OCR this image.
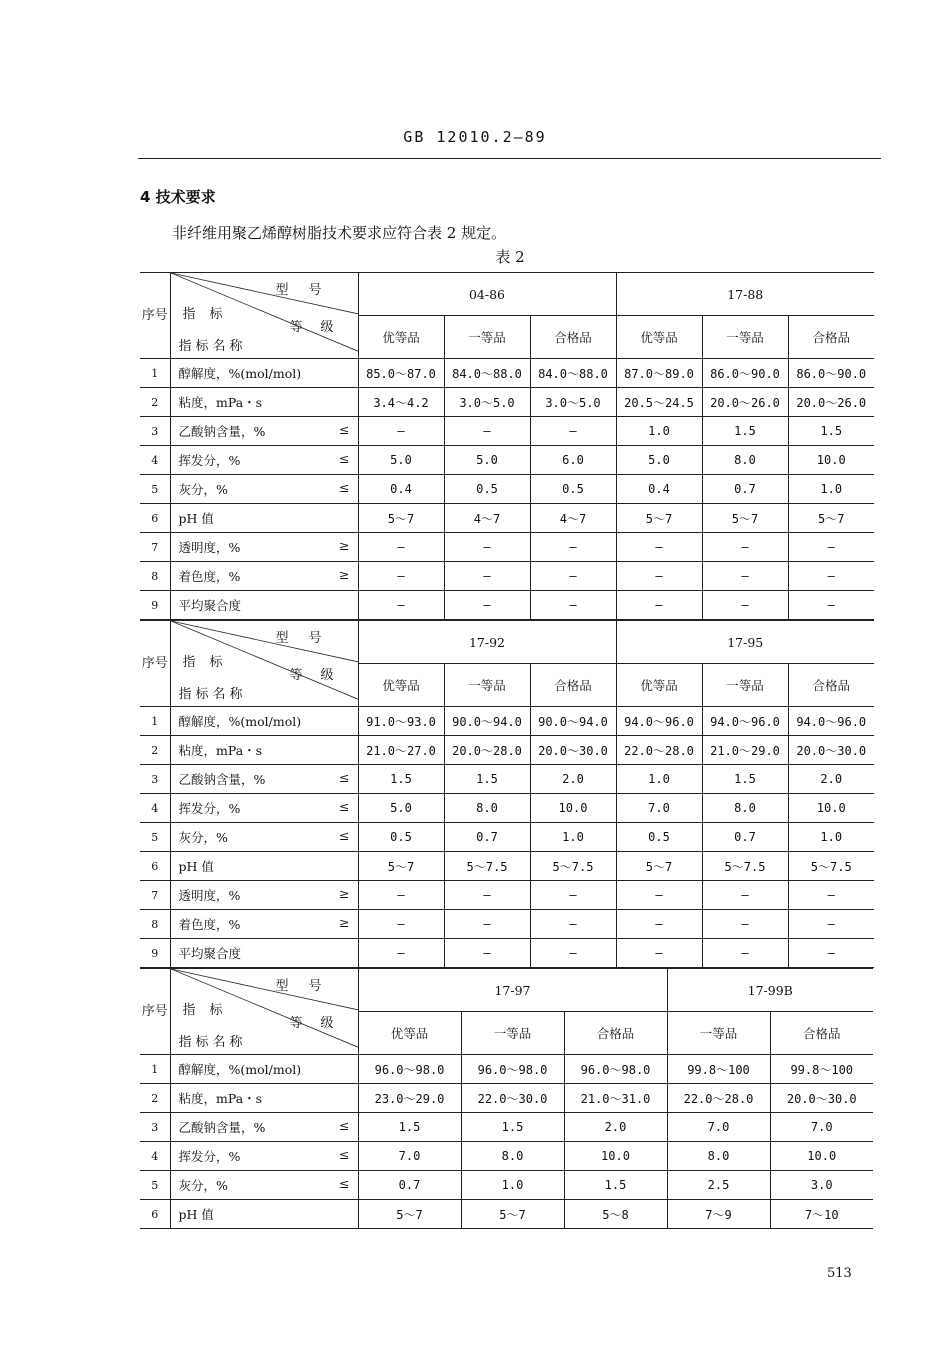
GB 12010.2—89
4 技术要求
非纤维用聚乙烯醇树脂技术要求应符合表 2 规定。
表 2
序号	型号
指标
等级
指标名称	04-86			17-88		
		优等品	一等品	合格品	优等品	一等品	合格品
1	醇解度，%(mol/mol)	85.0～87.0	84.0～88.0	84.0～88.0	87.0～89.0	86.0～90.0	86.0～90.0
2	粘度，mPa・s	3.4～4.2	3.0～5.0	3.0～5.0	20.5～24.5	20.0～26.0	20.0～26.0
3	乙酸钠含量，% ≤	—	—	—	1.0	1.5	1.5
4	挥发分，% ≤	5.0	5.0	6.0	5.0	8.0	10.0
5	灰分，% ≤	0.4	0.5	0.5	0.4	0.7	1.0
6	pH 值	5～7	4～7	4～7	5～7	5～7	5～7
7	透明度，% ≥	—	—	—	—	—	—
8	着色度，% ≥	—	—	—	—	—	—
9	平均聚合度	—	—	—	—	—	—
序号	型号
指标
等级
指标名称	17-92			17-95		
		优等品	一等品	合格品	优等品	一等品	合格品
1	醇解度，%(mol/mol)	91.0～93.0	90.0～94.0	90.0～94.0	94.0～96.0	94.0～96.0	94.0～96.0
2	粘度，mPa・s	21.0～27.0	20.0～28.0	20.0～30.0	22.0～28.0	21.0～29.0	20.0～30.0
3	乙酸钠含量，% ≤	1.5	1.5	2.0	1.0	1.5	2.0
4	挥发分，% ≤	5.0	8.0	10.0	7.0	8.0	10.0
5	灰分，% ≤	0.5	0.7	1.0	0.5	0.7	1.0
6	pH 值	5～7	5～7.5	5～7.5	5～7	5～7.5	5～7.5
7	透明度，% ≥	—	—	—	—	—	—
8	着色度，% ≥	—	—	—	—	—	—
9	平均聚合度	—	—	—	—	—	—
序号	型号
指标
等级
指标名称	17-97			17-99B	
		优等品	一等品	合格品	一等品	合格品
1	醇解度，%(mol/mol)	96.0～98.0	96.0～98.0	96.0～98.0	99.8～100	99.8～100
2	粘度，mPa・s	23.0～29.0	22.0～30.0	21.0～31.0	22.0～28.0	20.0～30.0
3	乙酸钠含量，% ≤	1.5	1.5	2.0	7.0	7.0
4	挥发分，% ≤	7.0	8.0	10.0	8.0	10.0
5	灰分，% ≤	0.7	1.0	1.5	2.5	3.0
6	pH 值	5～7	5～7	5～8	7～9	7～10
513
